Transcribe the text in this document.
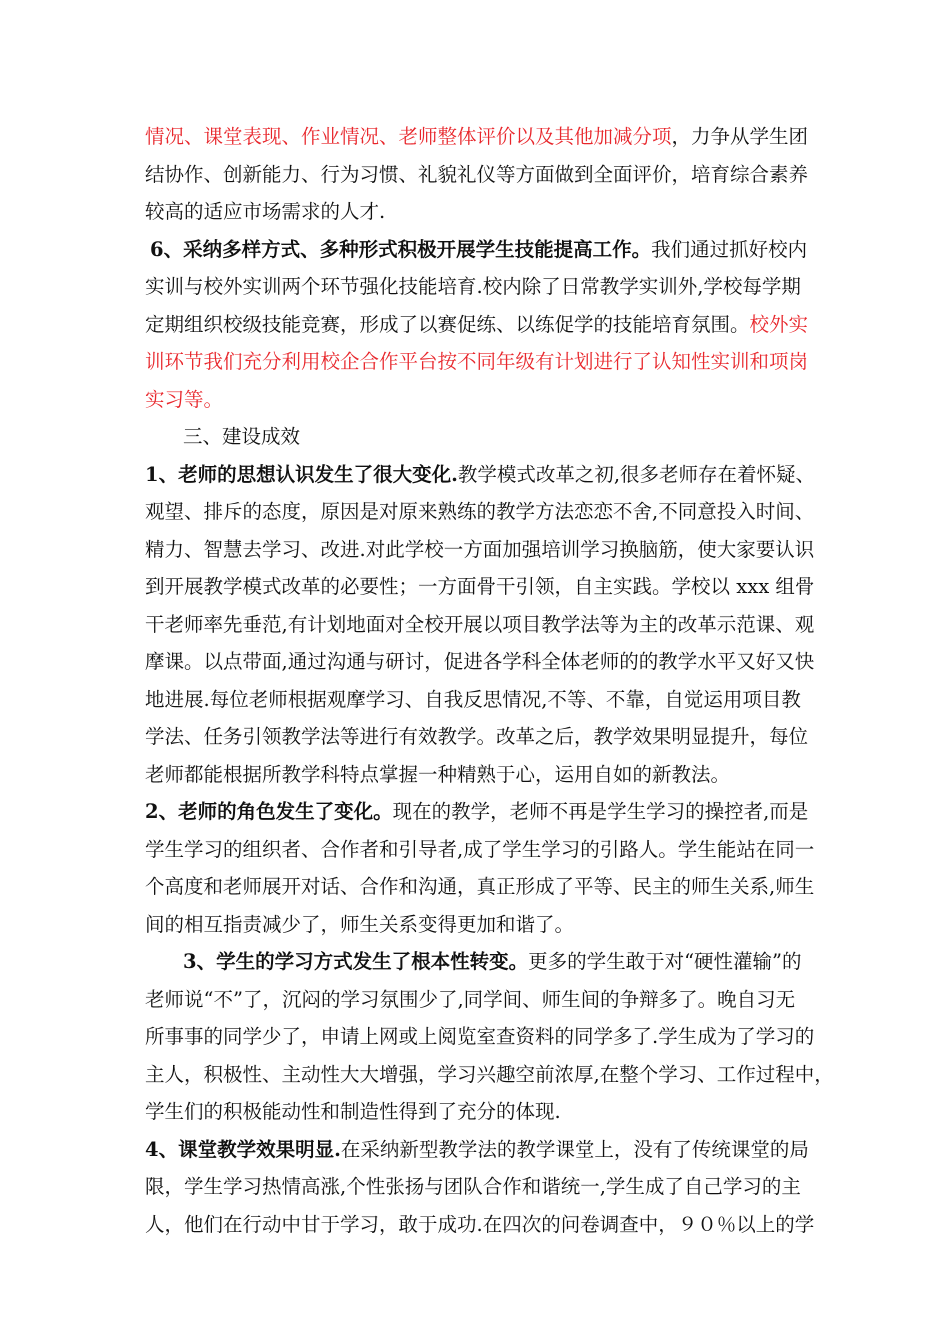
情况、课堂表现、作业情况、老师整体评价以及其他加减分项，力争从学生团
结协作、创新能力、行为习惯、礼貌礼仪等方面做到全面评价，培育综合素养
较高的适应市场需求的人才.
6、采纳多样方式、多种形式积极开展学生技能提高工作。我们通过抓好校内
实训与校外实训两个环节强化技能培育.校内除了日常教学实训外,学校每学期
定期组织校级技能竞赛，形成了以赛促练、以练促学的技能培育氛围。校外实
训环节我们充分利用校企合作平台按不同年级有计划进行了认知性实训和项岗
实习等。
三、建设成效
1、老师的思想认识发生了很大变化.教学模式改革之初,很多老师存在着怀疑、
观望、排斥的态度，原因是对原来熟练的教学方法恋恋不舍,不同意投入时间、
精力、智慧去学习、改进.对此学校一方面加强培训学习换脑筋，使大家要认识
到开展教学模式改革的必要性；一方面骨干引领，自主实践。学校以 xxx 组骨
干老师率先垂范,有计划地面对全校开展以项目教学法等为主的改革示范课、观
摩课。以点带面,通过沟通与研讨，促进各学科全体老师的的教学水平又好又快
地进展.每位老师根据观摩学习、自我反思情况,不等、不靠，自觉运用项目教
学法、任务引领教学法等进行有效教学。改革之后，教学效果明显提升，每位
老师都能根据所教学科特点掌握一种精熟于心，运用自如的新教法。
2、老师的角色发生了变化。现在的教学，老师不再是学生学习的操控者,而是
学生学习的组织者、合作者和引导者,成了学生学习的引路人。学生能站在同一
个高度和老师展开对话、合作和沟通，真正形成了平等、民主的师生关系,师生
间的相互指责减少了，师生关系变得更加和谐了。
3、学生的学习方式发生了根本性转变。更多的学生敢于对“硬性灌输”的
老师说“不”了，沉闷的学习氛围少了,同学间、师生间的争辩多了。晚自习无
所事事的同学少了，申请上网或上阅览室查资料的同学多了.学生成为了学习的
主人，积极性、主动性大大增强，学习兴趣空前浓厚,在整个学习、工作过程中，
学生们的积极能动性和制造性得到了充分的体现.
4、课堂教学效果明显.在采纳新型教学法的教学课堂上，没有了传统课堂的局
限，学生学习热情高涨,个性张扬与团队合作和谐统一,学生成了自己学习的主
人，他们在行动中甘于学习，敢于成功.在四次的问卷调查中，９０％以上的学
